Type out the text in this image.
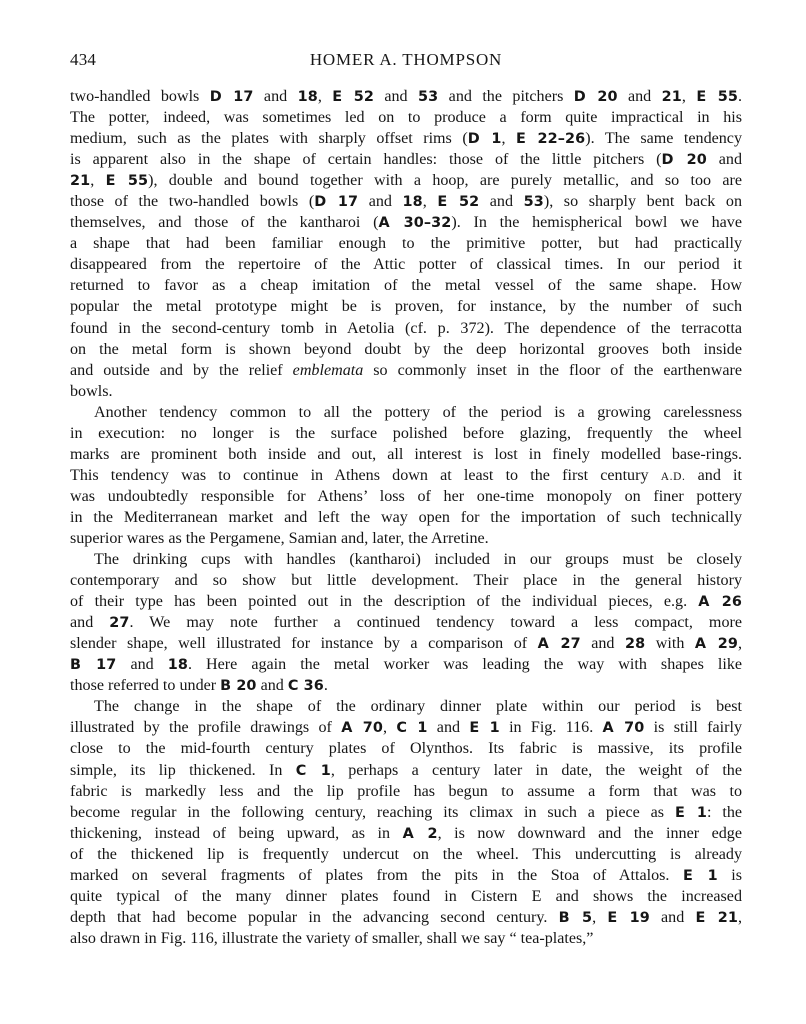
434	HOMER A. THOMPSON
two-handled bowls D 17 and 18, E 52 and 53 and the pitchers D 20 and 21, E 55.
The potter, indeed, was sometimes led on to produce a form quite impractical in his
medium, such as the plates with sharply offset rims (D 1, E 22–26). The same tendency
is apparent also in the shape of certain handles: those of the little pitchers (D 20 and
21, E 55), double and bound together with a hoop, are purely metallic, and so too are
those of the two-handled bowls (D 17 and 18, E 52 and 53), so sharply bent back on
themselves, and those of the kantharoi (A 30–32). In the hemispherical bowl we have
a shape that had been familiar enough to the primitive potter, but had practically
disappeared from the repertoire of the Attic potter of classical times. In our period it
returned to favor as a cheap imitation of the metal vessel of the same shape. How
popular the metal prototype might be is proven, for instance, by the number of such
found in the second-century tomb in Aetolia (cf. p. 372). The dependence of the terracotta
on the metal form is shown beyond doubt by the deep horizontal grooves both inside
and outside and by the relief emblemata so commonly inset in the floor of the earthenware
bowls.
Another tendency common to all the pottery of the period is a growing carelessness
in execution: no longer is the surface polished before glazing, frequently the wheel
marks are prominent both inside and out, all interest is lost in finely modelled base-rings.
This tendency was to continue in Athens down at least to the first century A.D. and it
was undoubtedly responsible for Athens’ loss of her one-time monopoly on finer pottery
in the Mediterranean market and left the way open for the importation of such technically
superior wares as the Pergamene, Samian and, later, the Arretine.
The drinking cups with handles (kantharoi) included in our groups must be closely
contemporary and so show but little development. Their place in the general history
of their type has been pointed out in the description of the individual pieces, e.g. A 26
and 27. We may note further a continued tendency toward a less compact, more
slender shape, well illustrated for instance by a comparison of A 27 and 28 with A 29,
B 17 and 18. Here again the metal worker was leading the way with shapes like
those referred to under B 20 and C 36.
The change in the shape of the ordinary dinner plate within our period is best
illustrated by the profile drawings of A 70, C 1 and E 1 in Fig. 116. A 70 is still fairly
close to the mid-fourth century plates of Olynthos. Its fabric is massive, its profile
simple, its lip thickened. In C 1, perhaps a century later in date, the weight of the
fabric is markedly less and the lip profile has begun to assume a form that was to
become regular in the following century, reaching its climax in such a piece as E 1: the
thickening, instead of being upward, as in A 2, is now downward and the inner edge
of the thickened lip is frequently undercut on the wheel. This undercutting is already
marked on several fragments of plates from the pits in the Stoa of Attalos. E 1 is
quite typical of the many dinner plates found in Cistern E and shows the increased
depth that had become popular in the advancing second century. B 5, E 19 and E 21,
also drawn in Fig. 116, illustrate the variety of smaller, shall we say “ tea-plates,”
